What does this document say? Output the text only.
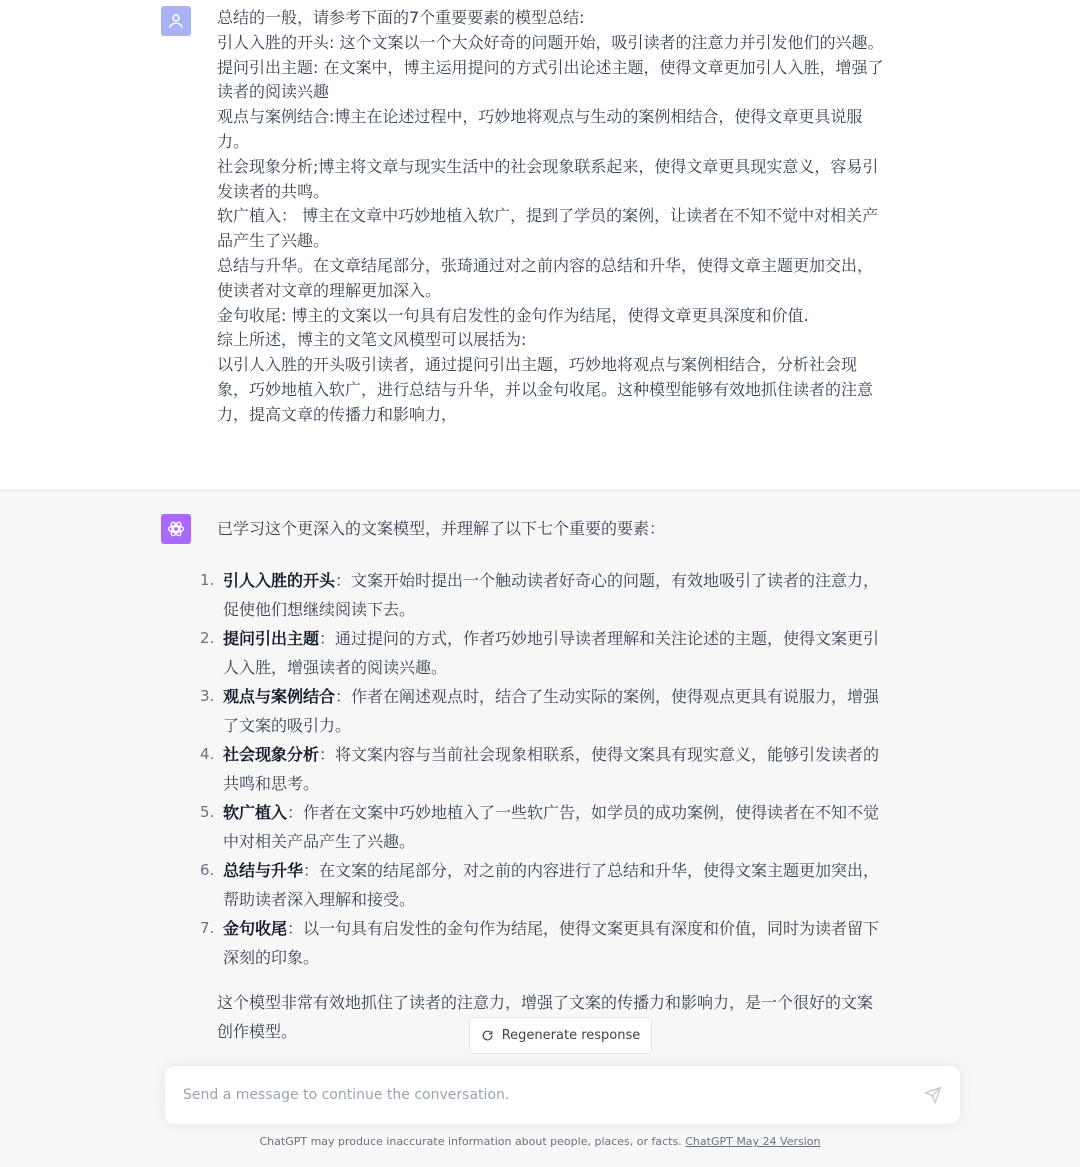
总结的一般，请参考下面的7个重要要素的模型总结:

引人入胜的开头: 这个文案以一个大众好奇的问题开始，吸引读者的注意力并引发他们的兴趣。

提问引出主题: 在文案中，博主运用提问的方式引出论述主题，使得文章更加引人入胜，增强了读者的阅读兴趣

观点与案例结合:博主在论述过程中，巧妙地将观点与生动的案例相结合，使得文章更具说服力。

社会现象分析;博主将文章与现实生活中的社会现象联系起来，使得文章更具现实意义，容易引发读者的共鸣。

软广植入： 博主在文章中巧妙地植入软广，提到了学员的案例，让读者在不知不觉中对相关产品产生了兴趣。

总结与升华。在文章结尾部分，张琦通过对之前内容的总结和升华，使得文章主题更加交出，使读者对文章的理解更加深入。

金句收尾: 博主的文案以一句具有启发性的金句作为结尾，使得文章更具深度和价值.

综上所述，博主的文笔文风模型可以展括为:

以引人入胜的开头吸引读者，通过提问引出主题，巧妙地将观点与案例相结合，分析社会现象，巧妙地植入软广，进行总结与升华，并以金句收尾。这种模型能够有效地抓住读者的注意力，提高文章的传播力和影响力，

已学习这个更深入的文案模型，并理解了以下七个重要的要素：

1. 引人入胜的开头：文案开始时提出一个触动读者好奇心的问题，有效地吸引了读者的注意力，促使他们想继续阅读下去。
2. 提问引出主题：通过提问的方式，作者巧妙地引导读者理解和关注论述的主题，使得文案更引人入胜，增强读者的阅读兴趣。
3. 观点与案例结合：作者在阐述观点时，结合了生动实际的案例，使得观点更具有说服力，增强了文案的吸引力。
4. 社会现象分析：将文案内容与当前社会现象相联系，使得文案具有现实意义，能够引发读者的共鸣和思考。
5. 软广植入：作者在文案中巧妙地植入了一些软广告，如学员的成功案例，使得读者在不知不觉中对相关产品产生了兴趣。
6. 总结与升华：在文案的结尾部分，对之前的内容进行了总结和升华，使得文案主题更加突出，帮助读者深入理解和接受。
7. 金句收尾：以一句具有启发性的金句作为结尾，使得文案更具有深度和价值，同时为读者留下深刻的印象。

这个模型非常有效地抓住了读者的注意力，增强了文案的传播力和影响力，是一个很好的文案创作模型。	Regenerate response
Send a message to continue the conversation.
ChatGPT may produce inaccurate information about people, places, or facts. ChatGPT May 24 Version
